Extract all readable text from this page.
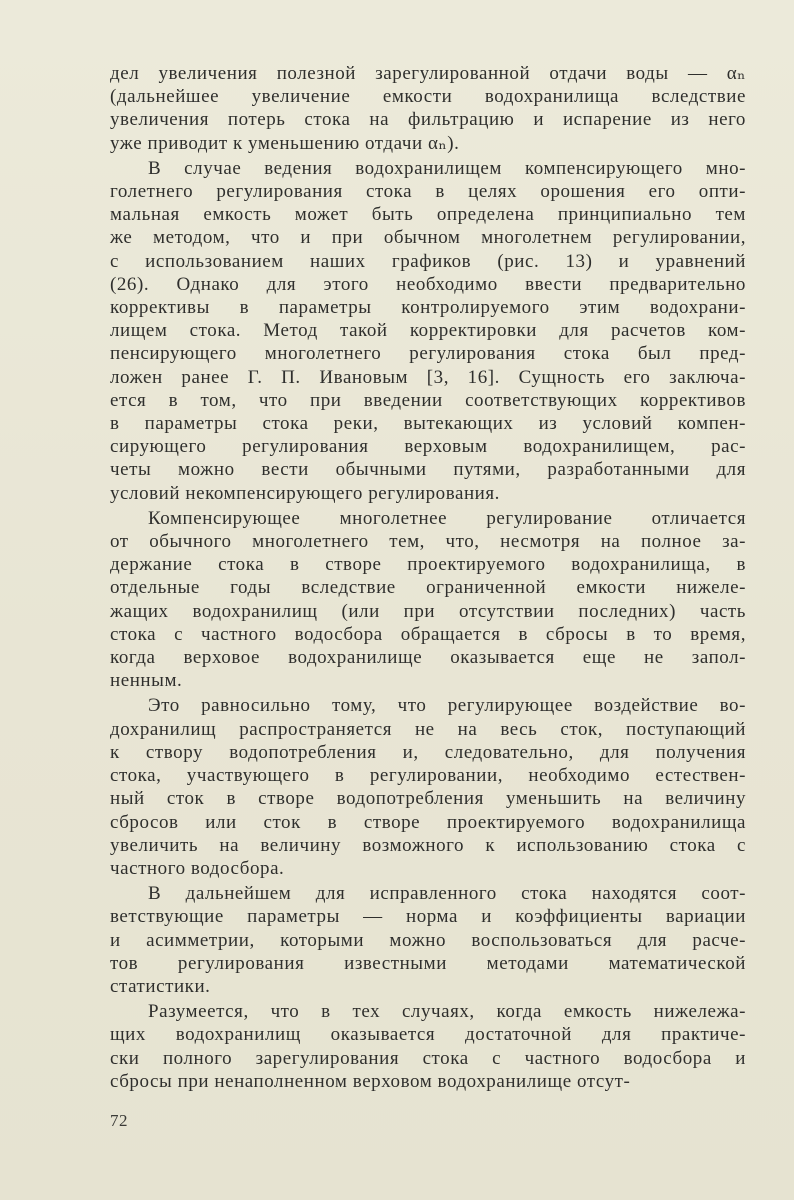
дел увеличения полезной зарегулированной отдачи воды — αₙ
(дальнейшее увеличение емкости водохранилища вследствие
увеличения потерь стока на фильтрацию и испарение из него
уже приводит к уменьшению отдачи αₙ).
В случае ведения водохранилищем компенсирующего мно-
голетнего регулирования стока в целях орошения его опти-
мальная емкость может быть определена принципиально тем
же методом, что и при обычном многолетнем регулировании,
с использованием наших графиков (рис. 13) и уравнений
(26). Однако для этого необходимо ввести предварительно
коррективы в параметры контролируемого этим водохрани-
лищем стока. Метод такой корректировки для расчетов ком-
пенсирующего многолетнего регулирования стока был пред-
ложен ранее Г. П. Ивановым [3, 16]. Сущность его заключа-
ется в том, что при введении соответствующих коррективов
в параметры стока реки, вытекающих из условий компен-
сирующего регулирования верховым водохранилищем, рас-
четы можно вести обычными путями, разработанными для
условий некомпенсирующего регулирования.
Компенсирующее многолетнее регулирование отличается
от обычного многолетнего тем, что, несмотря на полное за-
держание стока в створе проектируемого водохранилища, в
отдельные годы вследствие ограниченной емкости нижеле-
жащих водохранилищ (или при отсутствии последних) часть
стока с частного водосбора обращается в сбросы в то время,
когда верховое водохранилище оказывается еще не запол-
ненным.
Это равносильно тому, что регулирующее воздействие во-
дохранилищ распространяется не на весь сток, поступающий
к створу водопотребления и, следовательно, для получения
стока, участвующего в регулировании, необходимо естествен-
ный сток в створе водопотребления уменьшить на величину
сбросов или сток в створе проектируемого водохранилища
увеличить на величину возможного к использованию стока с
частного водосбора.
В дальнейшем для исправленного стока находятся соот-
ветствующие параметры — норма и коэффициенты вариации
и асимметрии, которыми можно воспользоваться для расче-
тов регулирования известными методами математической
статистики.
Разумеется, что в тех случаях, когда емкость нижележа-
щих водохранилищ оказывается достаточной для практиче-
ски полного зарегулирования стока с частного водосбора и
сбросы при ненаполненном верховом водохранилище отсут-
72
